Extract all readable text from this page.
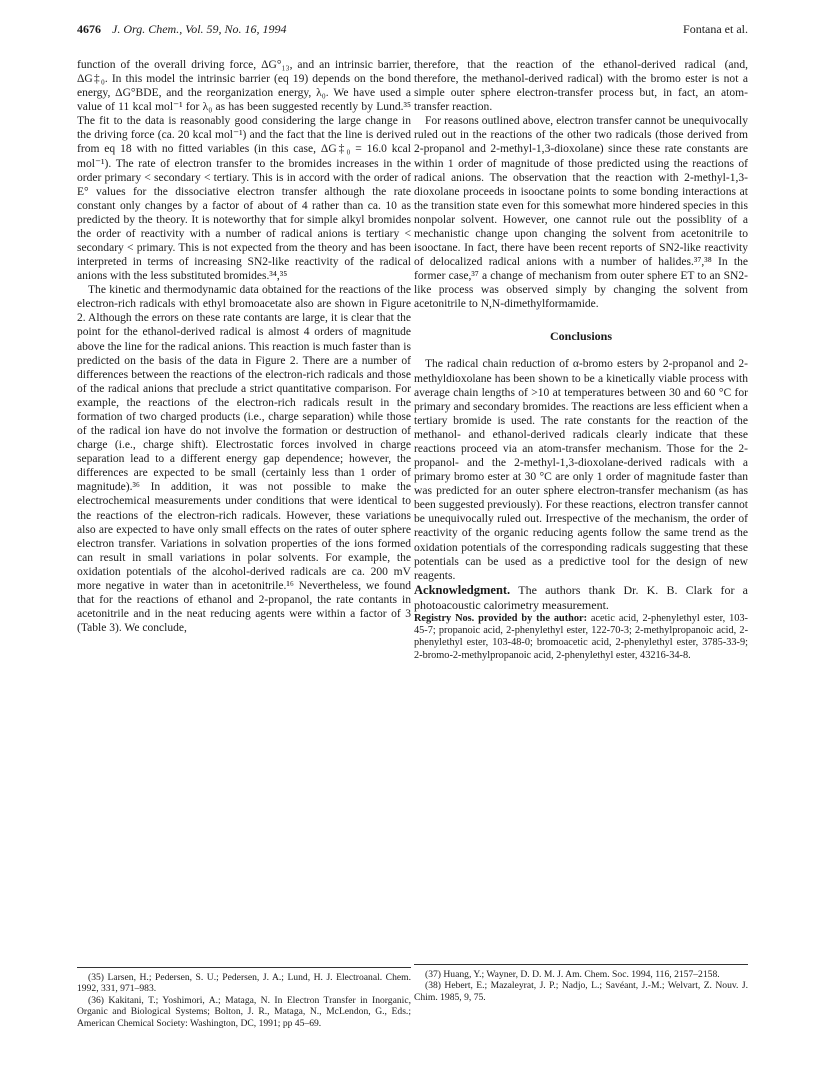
4676 J. Org. Chem., Vol. 59, No. 16, 1994	Fontana et al.

function of the overall driving force, ΔG°₁₃, and an intrinsic barrier, ΔG‡₀. In this model the intrinsic barrier (eq 19) depends on the bond energy, ΔG°BDE, and the reorganization energy, λ₀. We have used a value of 11 kcal mol⁻¹ for λ₀ as has been suggested recently by Lund.³⁵ The fit to the data is reasonably good considering the large change in the driving force (ca. 20 kcal mol⁻¹) and the fact that the line is derived from eq 18 with no fitted variables (in this case, ΔG‡₀ = 16.0 kcal mol⁻¹). The rate of electron transfer to the bromides increases in the order primary < secondary < tertiary. This is in accord with the order of E° values for the dissociative electron transfer although the rate constant only changes by a factor of about of 4 rather than ca. 10 as predicted by the theory. It is noteworthy that for simple alkyl bromides the order of reactivity with a number of radical anions is tertiary < secondary < primary. This is not expected from the theory and has been interpreted in terms of increasing SN2-like reactivity of the radical anions with the less substituted bromides.³⁴,³⁵

The kinetic and thermodynamic data obtained for the reactions of the electron-rich radicals with ethyl bromoacetate also are shown in Figure 2. Although the errors on these rate contants are large, it is clear that the point for the ethanol-derived radical is almost 4 orders of magnitude above the line for the radical anions. This reaction is much faster than is predicted on the basis of the data in Figure 2. There are a number of differences between the reactions of the electron-rich radicals and those of the radical anions that preclude a strict quantitative comparison. For example, the reactions of the electron-rich radicals result in the formation of two charged products (i.e., charge separation) while those of the radical ion have do not involve the formation or destruction of charge (i.e., charge shift). Electrostatic forces involved in charge separation lead to a different energy gap dependence; however, the differences are expected to be small (certainly less than 1 order of magnitude).³⁶ In addition, it was not possible to make the electrochemical measurements under conditions that were identical to the reactions of the electron-rich radicals. However, these variations also are expected to have only small effects on the rates of outer sphere electron transfer. Variations in solvation properties of the ions formed can result in small variations in polar solvents. For example, the oxidation potentials of the alcohol-derived radicals are ca. 200 mV more negative in water than in acetonitrile.¹⁶ Nevertheless, we found that for the reactions of ethanol and 2-propanol, the rate contants in acetonitrile and in the neat reducing agents were within a factor of 3 (Table 3). We conclude,

therefore, that the reaction of the ethanol-derived radical (and, therefore, the methanol-derived radical) with the bromo ester is not a simple outer sphere electron-transfer process but, in fact, an atom-transfer reaction.

For reasons outlined above, electron transfer cannot be unequivocally ruled out in the reactions of the other two radicals (those derived from 2-propanol and 2-methyl-1,3-dioxolane) since these rate constants are within 1 order of magnitude of those predicted using the reactions of radical anions. The observation that the reaction with 2-methyl-1,3-dioxolane proceeds in isooctane points to some bonding interactions at the transition state even for this somewhat more hindered species in this nonpolar solvent. However, one cannot rule out the possiblity of a mechanistic change upon changing the solvent from acetonitrile to isooctane. In fact, there have been recent reports of SN2-like reactivity of delocalized radical anions with a number of halides.³⁷,³⁸ In the former case,³⁷ a change of mechanism from outer sphere ET to an SN2-like process was observed simply by changing the solvent from acetonitrile to N,N-dimethylformamide.

Conclusions

The radical chain reduction of α-bromo esters by 2-propanol and 2-methyldioxolane has been shown to be a kinetically viable process with average chain lengths of >10 at temperatures between 30 and 60 °C for primary and secondary bromides. The reactions are less efficient when a tertiary bromide is used. The rate constants for the reaction of the methanol- and ethanol-derived radicals clearly indicate that these reactions proceed via an atom-transfer mechanism. Those for the 2-propanol- and the 2-methyl-1,3-dioxolane-derived radicals with a primary bromo ester at 30 °C are only 1 order of magnitude faster than was predicted for an outer sphere electron-transfer mechanism (as has been suggested previously). For these reactions, electron transfer cannot be unequivocally ruled out. Irrespective of the mechanism, the order of reactivity of the organic reducing agents follow the same trend as the oxidation potentials of the corresponding radicals suggesting that these potentials can be used as a predictive tool for the design of new reagents.

Acknowledgment. The authors thank Dr. K. B. Clark for a photoacoustic calorimetry measurement.

Registry Nos. provided by the author: acetic acid, 2-phenylethyl ester, 103-45-7; propanoic acid, 2-phenylethyl ester, 122-70-3; 2-methylpropanoic acid, 2-phenylethyl ester, 103-48-0; bromoacetic acid, 2-phenylethyl ester, 3785-33-9; 2-bromo-2-methylpropanoic acid, 2-phenylethyl ester, 43216-34-8.

(35) Larsen, H.; Pedersen, S. U.; Pedersen, J. A.; Lund, H. J. Electroanal. Chem. 1992, 331, 971–983.

(36) Kakitani, T.; Yoshimori, A.; Mataga, N. In Electron Transfer in Inorganic, Organic and Biological Systems; Bolton, J. R., Mataga, N., McLendon, G., Eds.; American Chemical Society: Washington, DC, 1991; pp 45–69.

(37) Huang, Y.; Wayner, D. D. M. J. Am. Chem. Soc. 1994, 116, 2157–2158.

(38) Hebert, E.; Mazaleyrat, J. P.; Nadjo, L.; Savéant, J.-M.; Welvart, Z. Nouv. J. Chim. 1985, 9, 75.
